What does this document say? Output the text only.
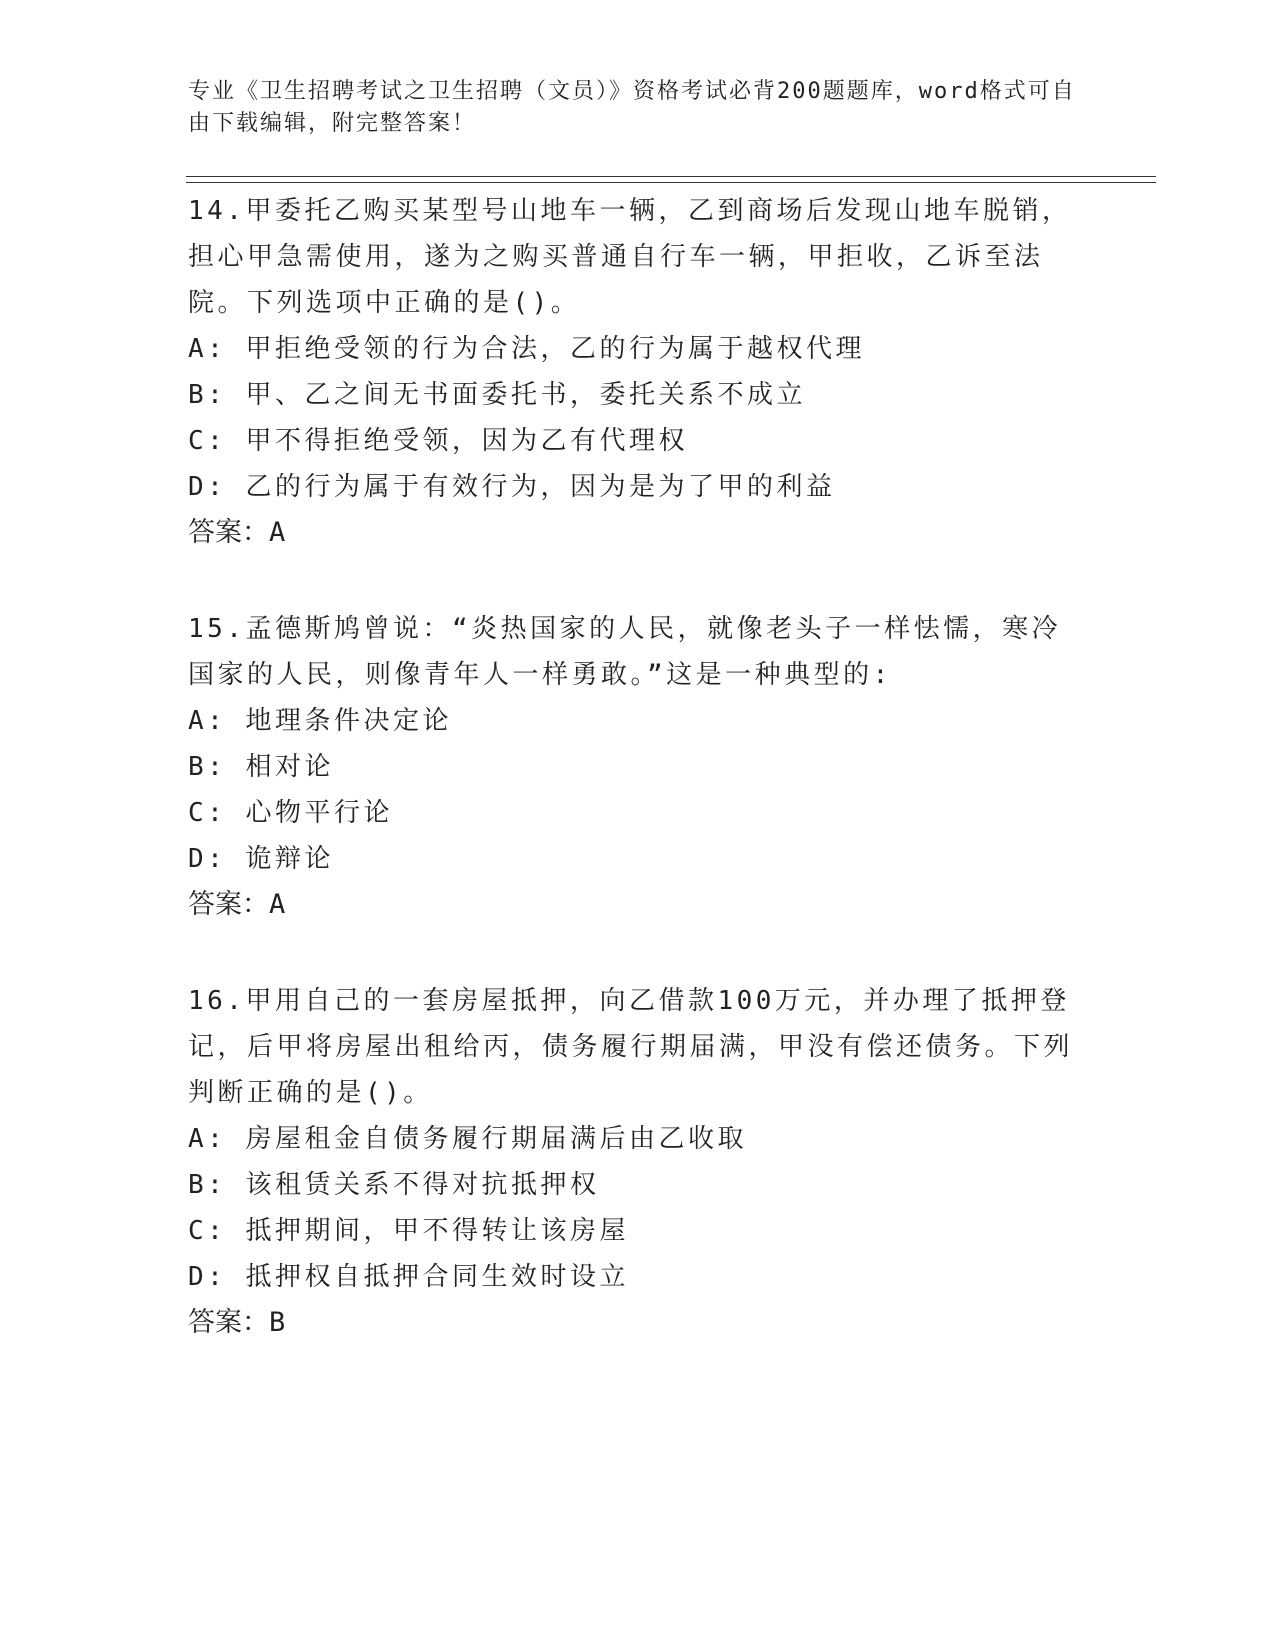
专业《卫生招聘考试之卫生招聘（文员）》资格考试必背200题题库，word格式可自由下载编辑，附完整答案！

14.甲委托乙购买某型号山地车一辆，乙到商场后发现山地车脱销，担心甲急需使用，遂为之购买普通自行车一辆，甲拒收，乙诉至法院。下列选项中正确的是()。

A: 甲拒绝受领的行为合法，乙的行为属于越权代理

B: 甲、乙之间无书面委托书，委托关系不成立

C: 甲不得拒绝受领，因为乙有代理权

D: 乙的行为属于有效行为，因为是为了甲的利益

答案：A

15.孟德斯鸠曾说：“炎热国家的人民，就像老头子一样怯懦，寒冷国家的人民，则像青年人一样勇敢。”这是一种典型的:

A: 地理条件决定论

B: 相对论

C: 心物平行论

D: 诡辩论

答案：A

16.甲用自己的一套房屋抵押，向乙借款100万元，并办理了抵押登记，后甲将房屋出租给丙，债务履行期届满，甲没有偿还债务。下列判断正确的是()。

A: 房屋租金自债务履行期届满后由乙收取

B: 该租赁关系不得对抗抵押权

C: 抵押期间，甲不得转让该房屋

D: 抵押权自抵押合同生效时设立

答案：B
